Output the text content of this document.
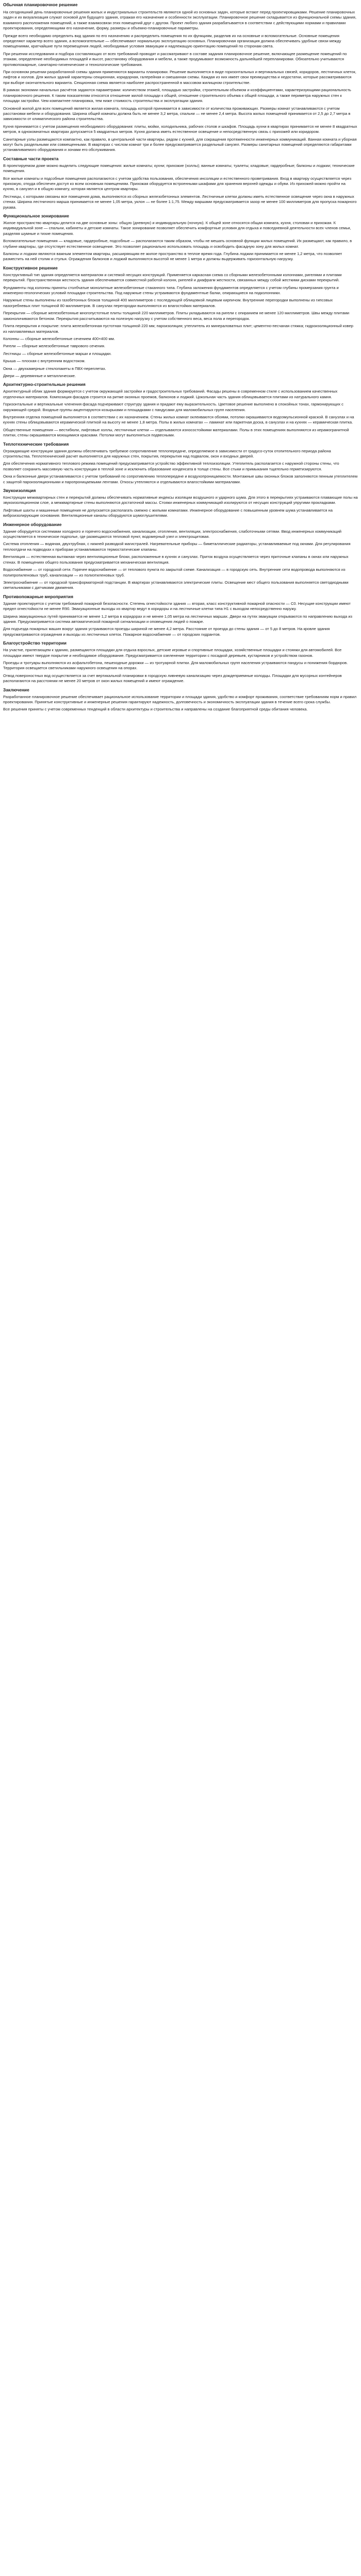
Обычная планировочное решение

На сегодняшний день планировочные решения жилых и индустриальных строительств являются одной из основных задач, которые встают перед проектировщиками. Решение планировочных задач и их визуализация служат основой для будущего здания, отражая его назначение и особенности эксплуатации. Планировочное решение складывается из функциональной схемы здания, взаимного расположения помещений, а также взаимосвязи этих помещений друг с другом. Проект любого здания разрабатывается в соответствии с действующими нормами и правилами проектирования, определяющими его назначение, форму, размеры и объемно-планировочные параметры.

Прежде всего необходимо определить вид здания по его назначению и распределить помещения по их функциям, разделив их на основные и вспомогательные. Основные помещения определяют характер всего здания, а вспомогательные — обеспечивают нормальную эксплуатацию основных. Планировочная организация должна обеспечивать удобные связи между помещениями, кратчайшие пути перемещения людей, необходимые условия эвакуации и надлежащую ориентацию помещений по сторонам света.

При решении исследования и подбора составляющих от всех требований проводят и рассматривают в составе задания планировочное решение, включающее размещение помещений по этажам, определение необходимых площадей и высот, расстановку оборудования и мебели, а также продумывают возможность дальнейшей перепланировки. Обязательно учитываются противопожарные, санитарно-гигиенические и технологические требования.

При основном решении разработанной схемы здания применяются варианты планировки. Решение выполняется в виде горизонтальных и вертикальных связей, коридоров, лестничных клеток, лифтов и холлов. Для жилых зданий характерны секционная, коридорная, галерейная и смешанная схемы. Каждая из них имеет свои преимущества и недостатки, которые рассматриваются при выборе окончательного варианта. Секционная схема является наиболее распространенной в массовом жилищном строительстве.

В рамках экономии начальных расчётов задаются параметрами: количеством этажей, площадью застройки, строительным объемом и коэффициентами, характеризующими рациональность планировочного решения. К таким показателям относятся отношение жилой площади к общей, отношение строительного объема к общей площади, а также периметра наружных стен к площади застройки. Чем компактнее планировка, тем ниже стоимость строительства и эксплуатации здания.

Основной жилой для всех помещений является жилая комната, площадь которой принимается в зависимости от количества проживающих. Размеры комнат устанавливаются с учетом расстановки мебели и оборудования. Ширина общей комнаты должна быть не менее 3,2 метра, спальни — не менее 2,4 метра. Высота жилых помещений принимается от 2,5 до 2,7 метра в зависимости от климатического района строительства.

Кухня принимается с учетом размещения необходимого оборудования: плиты, мойки, холодильника, рабочих столов и шкафов. Площадь кухни в квартирах принимается не менее 8 квадратных метров, в однокомнатных квартирах допускается 5 квадратных метров. Кухня должна иметь естественное освещение и непосредственную связь с прихожей или коридором.

Санитарные узлы размещаются компактно, как правило, в центральной части квартиры, рядом с кухней, для сокращения протяженности инженерных коммуникаций. Ванная комната и уборная могут быть раздельными или совмещенными. В квартирах с числом комнат три и более предусматривается раздельный санузел. Размеры санитарных помещений определяются габаритами устанавливаемого оборудования и зонами его обслуживания.

Составные части проекта

В проектируемом доме можно выделить следующие помещения: жилые комнаты; кухни; прихожие (холлы); ванные комнаты; туалеты; кладовые; гардеробные; балконы и лоджии; технические помещения.

Все жилые комнаты и подсобные помещения располагаются с учетом удобства пользования, обеспечения инсоляции и естественного проветривания. Вход в квартиру осуществляется через прихожую, откуда обеспечен доступ ко всем основным помещениям. Прихожая оборудуется встроенными шкафами для хранения верхней одежды и обуви. Из прихожей можно пройти на кухню, в санузел и в общую комнату, которая является центром квартиры.

Лестницы, с которыми связаны все помещения дома, выполняются из сборных железобетонных элементов. Лестничные клетки должны иметь естественное освещение через окна в наружных стенах. Ширина лестничного марша принимается не менее 1,05 метра, уклон — не более 1:1,75. Между маршами предусматривается зазор не менее 100 миллиметров для пропуска пожарного рукава.

Функциональное зонирование

Жилое пространство квартиры делится на две основные зоны: общую (дневную) и индивидуальную (ночную). К общей зоне относятся общая комната, кухня, столовая и прихожая. К индивидуальной зоне — спальни, кабинеты и детские комнаты. Такое зонирование позволяет обеспечить комфортные условия для отдыха и повседневной деятельности всех членов семьи, разделяя шумные и тихие помещения.

Вспомогательные помещения — кладовые, гардеробные, подсобные — располагаются таким образом, чтобы не мешать основной функции жилых помещений. Их размещают, как правило, в глубине квартиры, где отсутствует естественное освещение. Это позволяет рационально использовать площадь и освободить фасадную зону для жилых комнат.

Балконы и лоджии являются важным элементом квартиры, расширяющим ее жилое пространство в теплое время года. Глубина лоджии принимается не менее 1,2 метра, что позволяет разместить на ней столик и стулья. Ограждения балконов и лоджий выполняются высотой не менее 1 метра и должны выдерживать горизонтальную нагрузку.

Конструктивное решение

Конструктивный тип здания определяется материалом и системой несущих конструкций. Применяется каркасная схема со сборными железобетонными колоннами, ригелями и плитами перекрытий. Пространственная жесткость здания обеспечивается совместной работой колонн, ригелей и диафрагм жесткости, связанных между собой жесткими дисками перекрытий.

Фундаменты под колонны приняты столбчатые монолитные железобетонные стаканного типа. Глубина заложения фундаментов определяется с учетом глубины промерзания грунта и инженерно-геологических условий площадки строительства. Под наружные стены устраиваются фундаментные балки, опирающиеся на подколонники.

Наружные стены выполнены из газобетонных блоков толщиной 400 миллиметров с последующей облицовкой лицевым кирпичом. Внутренние перегородки выполнены из гипсовых пазогребневых плит толщиной 80 миллиметров. В санузлах перегородки выполняются из влагостойких материалов.

Перекрытия — сборные железобетонные многопустотные плиты толщиной 220 миллиметров. Плиты укладываются на ригели с опиранием не менее 120 миллиметров. Швы между плитами замоноличиваются бетоном. Перекрытия рассчитываются на полезную нагрузку с учетом собственного веса, веса пола и перегородок.

Плита перекрытия и покрытие: плита железобетонная пустотная толщиной 220 мм; пароизоляция; утеплитель из минераловатных плит; цементно-песчаная стяжка; гидроизоляционный ковер из наплавляемых материалов.

Колонны — сборные железобетонные сечением 400×400 мм.

Ригели — сборные железобетонные таврового сечения.

Лестницы — сборные железобетонные марши и площадки.

Крыша — плоская с внутренним водостоком.

Окна — двухкамерные стеклопакеты в ПВХ-переплетах.

Двери — деревянные и металлические.

Архитектурно-строительные решения

Архитектурный облик здания формируется с учетом окружающей застройки и градостроительных требований. Фасады решены в современном стиле с использованием качественных отделочных материалов. Композиция фасадов строится на ритме оконных проемов, балконов и лоджий. Цокольная часть здания облицовывается плитами из натурального камня.

Горизонтальные и вертикальные членения фасада подчеркивают структуру здания и придают ему выразительность. Цветовое решение выполнено в спокойных тонах, гармонирующих с окружающей средой. Входные группы акцентируются козырьками и площадками с пандусами для маломобильных групп населения.

Внутренняя отделка помещений выполняется в соответствии с их назначением. Стены жилых комнат оклеиваются обоями, потолки окрашиваются водоэмульсионной краской. В санузлах и на кухнях стены облицовываются керамической плиткой на высоту не менее 1,8 метра. Полы в жилых комнатах — ламинат или паркетная доска, в санузлах и на кухнях — керамическая плитка.

Общественные помещения — вестибюли, лифтовые холлы, лестничные клетки — отделываются износостойкими материалами. Полы в этих помещениях выполняются из керамогранитной плитки, стены окрашиваются моющимися красками. Потолки могут выполняться подвесными.

Теплотехнические требования

Ограждающие конструкции здания должны обеспечивать требуемое сопротивление теплопередаче, определяемое в зависимости от градусо-суток отопительного периода района строительства. Теплотехнический расчет выполняется для наружных стен, покрытия, перекрытия над подвалом, окон и входных дверей.

Для обеспечения нормативного теплового режима помещений предусматривается устройство эффективной теплоизоляции. Утеплитель располагается с наружной стороны стены, что позволяет сохранить массивную часть конструкции в теплой зоне и исключить образование конденсата в толще стены. Все стыки и примыкания тщательно герметизируются.

Окна и балконные двери устанавливаются с учетом требований по сопротивлению теплопередаче и воздухопроницаемости. Монтажные швы оконных блоков заполняются пенным утеплителем с защитой пароизоляционными и паропроницаемыми лентами. Откосы утепляются и отделываются влагостойкими материалами.

Звукоизоляция

Конструкции межквартирных стен и перекрытий должны обеспечивать нормативные индексы изоляции воздушного и ударного шума. Для этого в перекрытиях устраиваются плавающие полы на звукоизоляционном слое, а межквартирные стены выполняются достаточной массы. Стояки инженерных коммуникаций изолируются от несущих конструкций упругими прокладками.

Лифтовые шахты и машинные помещения не допускается располагать смежно с жилыми комнатами. Инженерное оборудование с повышенным уровнем шума устанавливается на виброизолирующие основания. Вентиляционные каналы оборудуются шумоглушителями.

Инженерное оборудование

Здание оборудуется системами холодного и горячего водоснабжения, канализации, отопления, вентиляции, электроснабжения, слаботочными сетями. Ввод инженерных коммуникаций осуществляется в техническое подполье, где размещаются тепловой пункт, водомерный узел и электрощитовая.

Система отопления — водяная, двухтрубная, с нижней разводкой магистралей. Нагревательные приборы — биметаллические радиаторы, устанавливаемые под окнами. Для регулирования теплоотдачи на подводках к приборам устанавливаются термостатические клапаны.

Вентиляция — естественная вытяжная через вентиляционные блоки, расположенные в кухнях и санузлах. Приток воздуха осуществляется через приточные клапаны в окнах или наружных стенах. В помещениях общего пользования предусматривается механическая вентиляция.

Водоснабжение — от городской сети. Горячее водоснабжение — от теплового пункта по закрытой схеме. Канализация — в городскую сеть. Внутренние сети водопровода выполняются из полипропиленовых труб, канализации — из полиэтиленовых труб.

Электроснабжение — от городской трансформаторной подстанции. В квартирах устанавливаются электрические плиты. Освещение мест общего пользования выполняется светодиодными светильниками с датчиками движения.

Противопожарные мероприятия

Здание проектируется с учетом требований пожарной безопасности. Степень огнестойкости здания — вторая, класс конструктивной пожарной опасности — С0. Несущие конструкции имеют предел огнестойкости не менее R90. Эвакуационные выходы из квартир ведут в коридоры и на лестничные клетки типа Н1 с выходом непосредственно наружу.

Ширина эвакуационных путей принимается не менее 1,2 метра в коридорах и не менее 1,05 метра на лестничных маршах. Двери на путях эвакуации открываются по направлению выхода из здания. Предусматривается система автоматической пожарной сигнализации и оповещения людей о пожаре.

Для подъезда пожарных машин вокруг здания устраиваются проезды шириной не менее 4,2 метра. Расстояние от проезда до стены здания — от 5 до 8 метров. На кровле здания предусматриваются ограждения и выходы из лестничных клеток. Пожарное водоснабжение — от городских гидрантов.

Благоустройство территории

На участке, прилегающем к зданию, размещаются площадки для отдыха взрослых, детские игровые и спортивные площадки, хозяйственные площадки и стоянки для автомобилей. Все площадки имеют твердое покрытие и необходимое оборудование. Предусматривается озеленение территории с посадкой деревьев, кустарников и устройством газонов.

Проезды и тротуары выполняются из асфальтобетона, пешеходные дорожки — из тротуарной плитки. Для маломобильных групп населения устраиваются пандусы и понижения бордюров. Территория освещается светильниками наружного освещения на опорах.

Отвод поверхностных вод осуществляется за счет вертикальной планировки в городскую ливневую канализацию через дождеприемные колодцы. Площадки для мусорных контейнеров располагаются на расстоянии не менее 20 метров от окон жилых помещений и имеют ограждение.

Заключение

Разработанное планировочное решение обеспечивает рациональное использование территории и площади здания, удобство и комфорт проживания, соответствие требованиям норм и правил проектирования. Принятые конструктивные и инженерные решения гарантируют надежность, долговечность и экономичность эксплуатации здания в течение всего срока службы.

Все решения приняты с учетом современных тенденций в области архитектуры и строительства и направлены на создание благоприятной среды обитания человека.
